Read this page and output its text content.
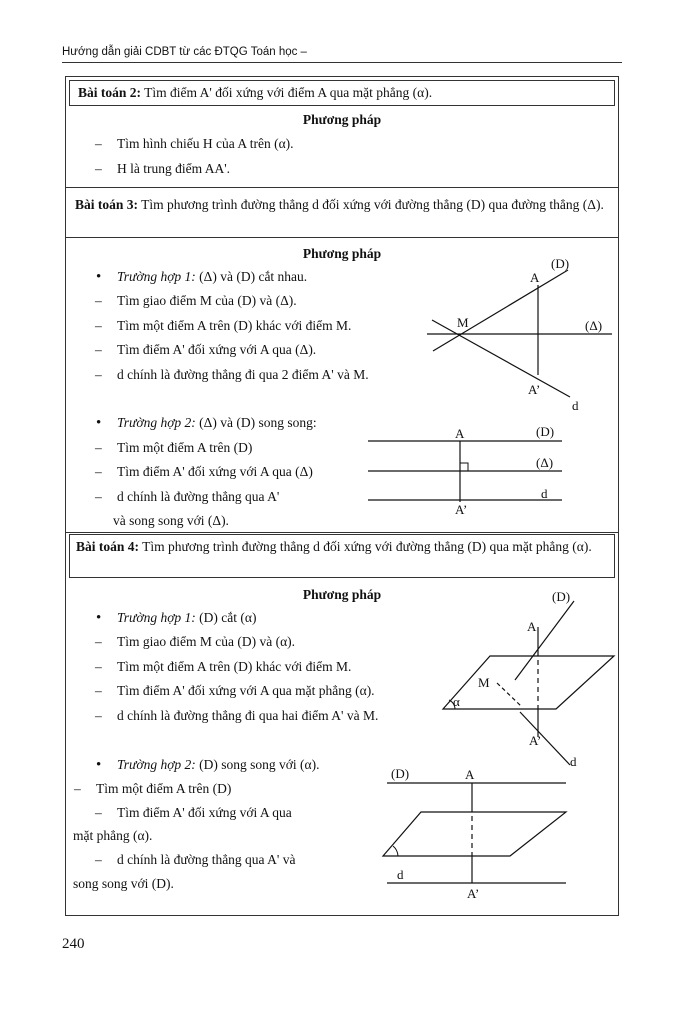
Hướng dẫn giải CDBT từ các ĐTQG Toán học –
Bài toán 2: Tìm điểm A' đối xứng với điểm A qua mặt phẳng (α).
Phương pháp
– Tìm hình chiếu H của A trên (α).
– H là trung điểm AA'.
Bài toán 3: Tìm phương trình đường thẳng d đối xứng với đường thẳng (D) qua đường thẳng (Δ).
Phương pháp
• Trường hợp 1: (Δ) và (D) cắt nhau.
– Tìm giao điểm M của (D) và (Δ).
– Tìm một điểm A trên (D) khác với điểm M.
– Tìm điểm A' đối xứng với A qua (Δ).
– d chính là đường thẳng đi qua 2 điểm A' và M.
(D)
A
M	(Δ)
A’
d
• Trường hợp 2: (Δ) và (D) song song:
– Tìm một điểm A trên (D)
– Tìm điểm A' đối xứng với A qua (Δ)
– d chính là đường thẳng qua A'
và song song với (Δ).
A	(D)
(Δ)
d
A’
Bài toán 4: Tìm phương trình đường thẳng d đối xứng với đường thẳng (D) qua mặt phẳng (α).
Phương pháp
• Trường hợp 1: (D) cắt (α)
– Tìm giao điểm M của (D) và (α).
– Tìm một điểm A trên (D) khác với điểm M.
– Tìm điểm A' đối xứng với A qua mặt phẳng (α).
– d chính là đường thẳng đi qua hai điểm A' và M.
(D)
A
M
α
A’
d
• Trường hợp 2: (D) song song với (α).
– Tìm một điểm A trên (D)
– Tìm điểm A' đối xứng với A qua
mặt phẳng (α).
– d chính là đường thẳng qua A' và
song song với (D).
(D)	A
d
A’
240
